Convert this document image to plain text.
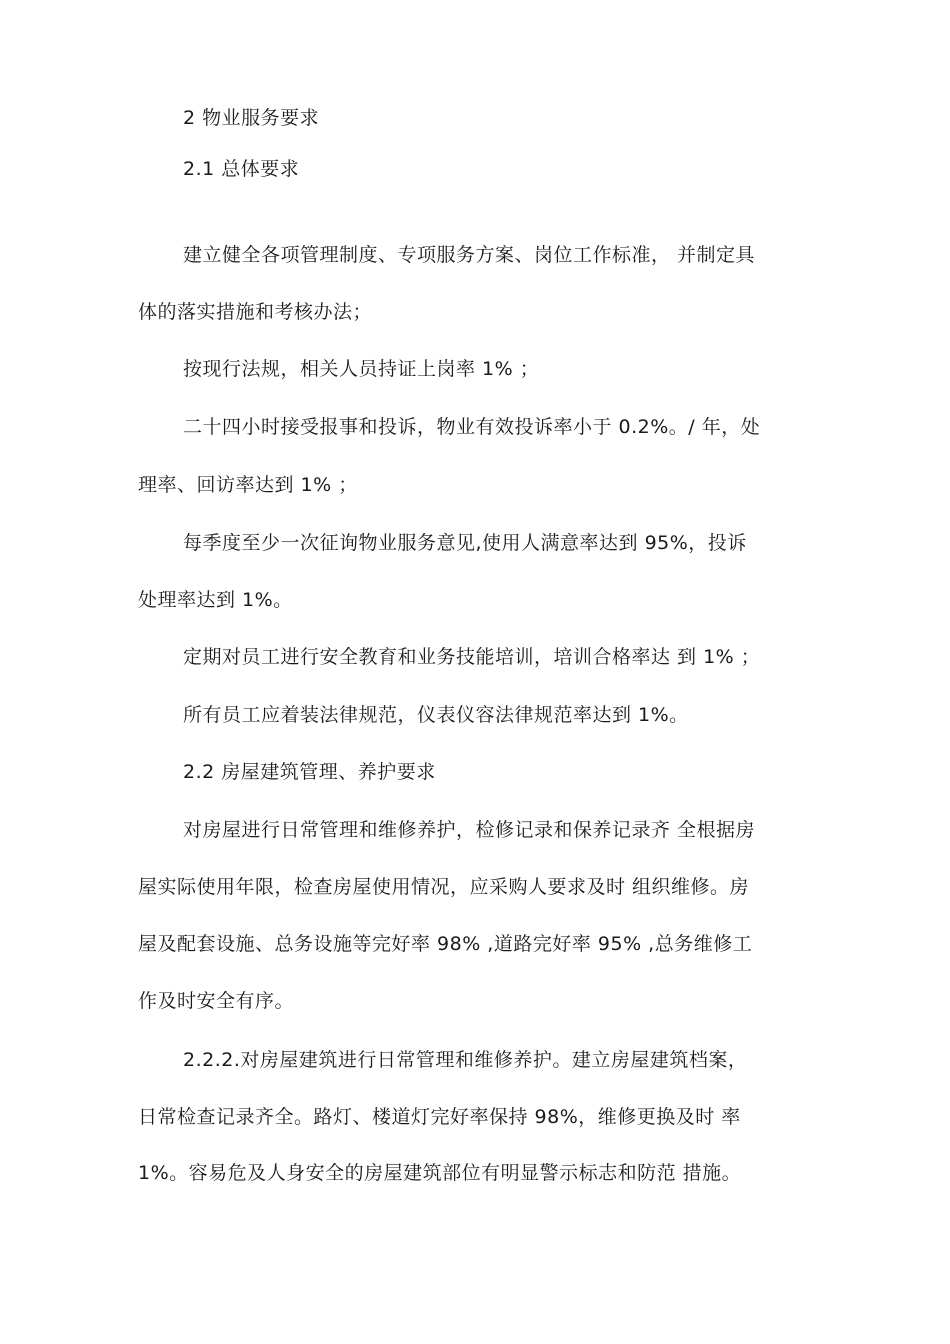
2 物业服务要求

2.1 总体要求

建立健全各项管理制度、专项服务方案、岗位工作标准， 并制定具

体的落实措施和考核办法；

按现行法规，相关人员持证上岗率 1% ；

二十四小时接受报事和投诉，物业有效投诉率小于 0.2%。/ 年，处

理率、回访率达到 1% ；

每季度至少一次征询物业服务意见,使用人满意率达到 95%，投诉

处理率达到 1%。

定期对员工进行安全教育和业务技能培训，培训合格率达 到 1% ；

所有员工应着装法律规范，仪表仪容法律规范率达到 1%。

2.2 房屋建筑管理、养护要求

对房屋进行日常管理和维修养护，检修记录和保养记录齐 全根据房

屋实际使用年限，检查房屋使用情况，应采购人要求及时 组织维修。房

屋及配套设施、总务设施等完好率 98% ,道路完好率 95% ,总务维修工

作及时安全有序。

2.2.2.对房屋建筑进行日常管理和维修养护。建立房屋建筑档案，

日常检查记录齐全。路灯、楼道灯完好率保持 98%，维修更换及时 率

1%。容易危及人身安全的房屋建筑部位有明显警示标志和防范 措施。
